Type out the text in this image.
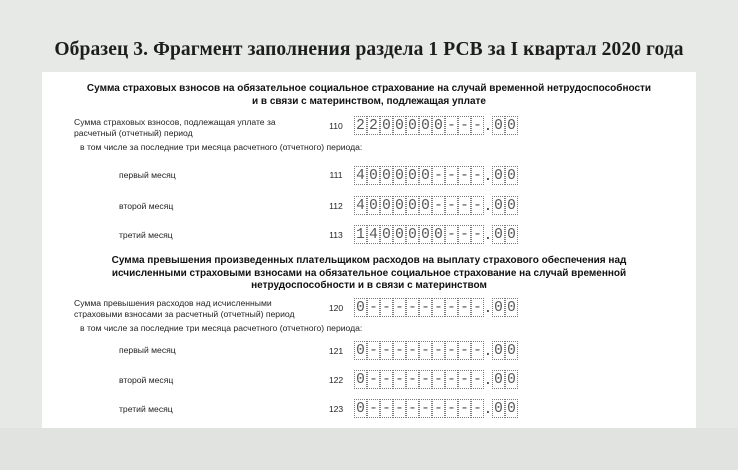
Образец 3. Фрагмент заполнения раздела 1 РСВ за I квартал 2020 года
Сумма страховых взносов на обязательное социальное страхование на случай временной нетрудоспособности
и в связи с материнством, подлежащая уплате
Сумма страховых взносов, подлежащая уплате за
расчетный (отчетный) период
в том числе за последние три месяца расчетного (отчетного) периода:
первый месяц
второй месяц
третий месяц
110
111
112
113
2 2 0 0 0 0 0 - - - . 0 0
4 0 0 0 0 0 - - - - . 0 0
4 0 0 0 0 0 - - - - . 0 0
1 4 0 0 0 0 0 - - - . 0 0
Сумма превышения произведенных плательщиком расходов на выплату страхового обеспечения над
исчисленными страховыми взносами на обязательное социальное страхование на случай временной
нетрудоспособности и в связи с материнством
Сумма превышения расходов над исчисленными
страховыми взносами за расчетный (отчетный) период
в том числе за последние три месяца расчетного (отчетного) периода:
первый месяц
второй месяц
третий месяц
120
121
122
123
0 - - - - - - - - - . 0 0
0 - - - - - - - - - . 0 0
0 - - - - - - - - - . 0 0
0 - - - - - - - - - . 0 0
